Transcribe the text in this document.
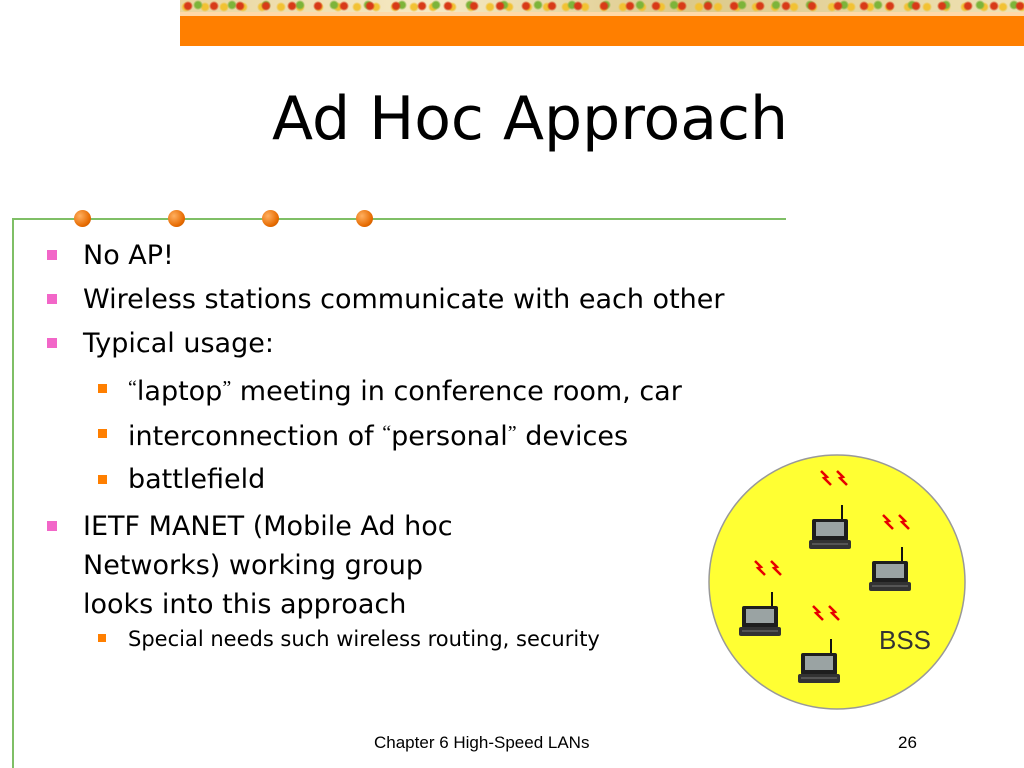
Ad Hoc Approach
No AP!
Wireless stations communicate with each other
Typical usage:
“laptop” meeting in conference room, car
interconnection of “personal” devices
battlefield
IETF MANET (Mobile Ad hoc
Networks) working group
looks into this approach
Special needs such wireless routing, security	BSS
Chapter 6 High-Speed LANs	26
